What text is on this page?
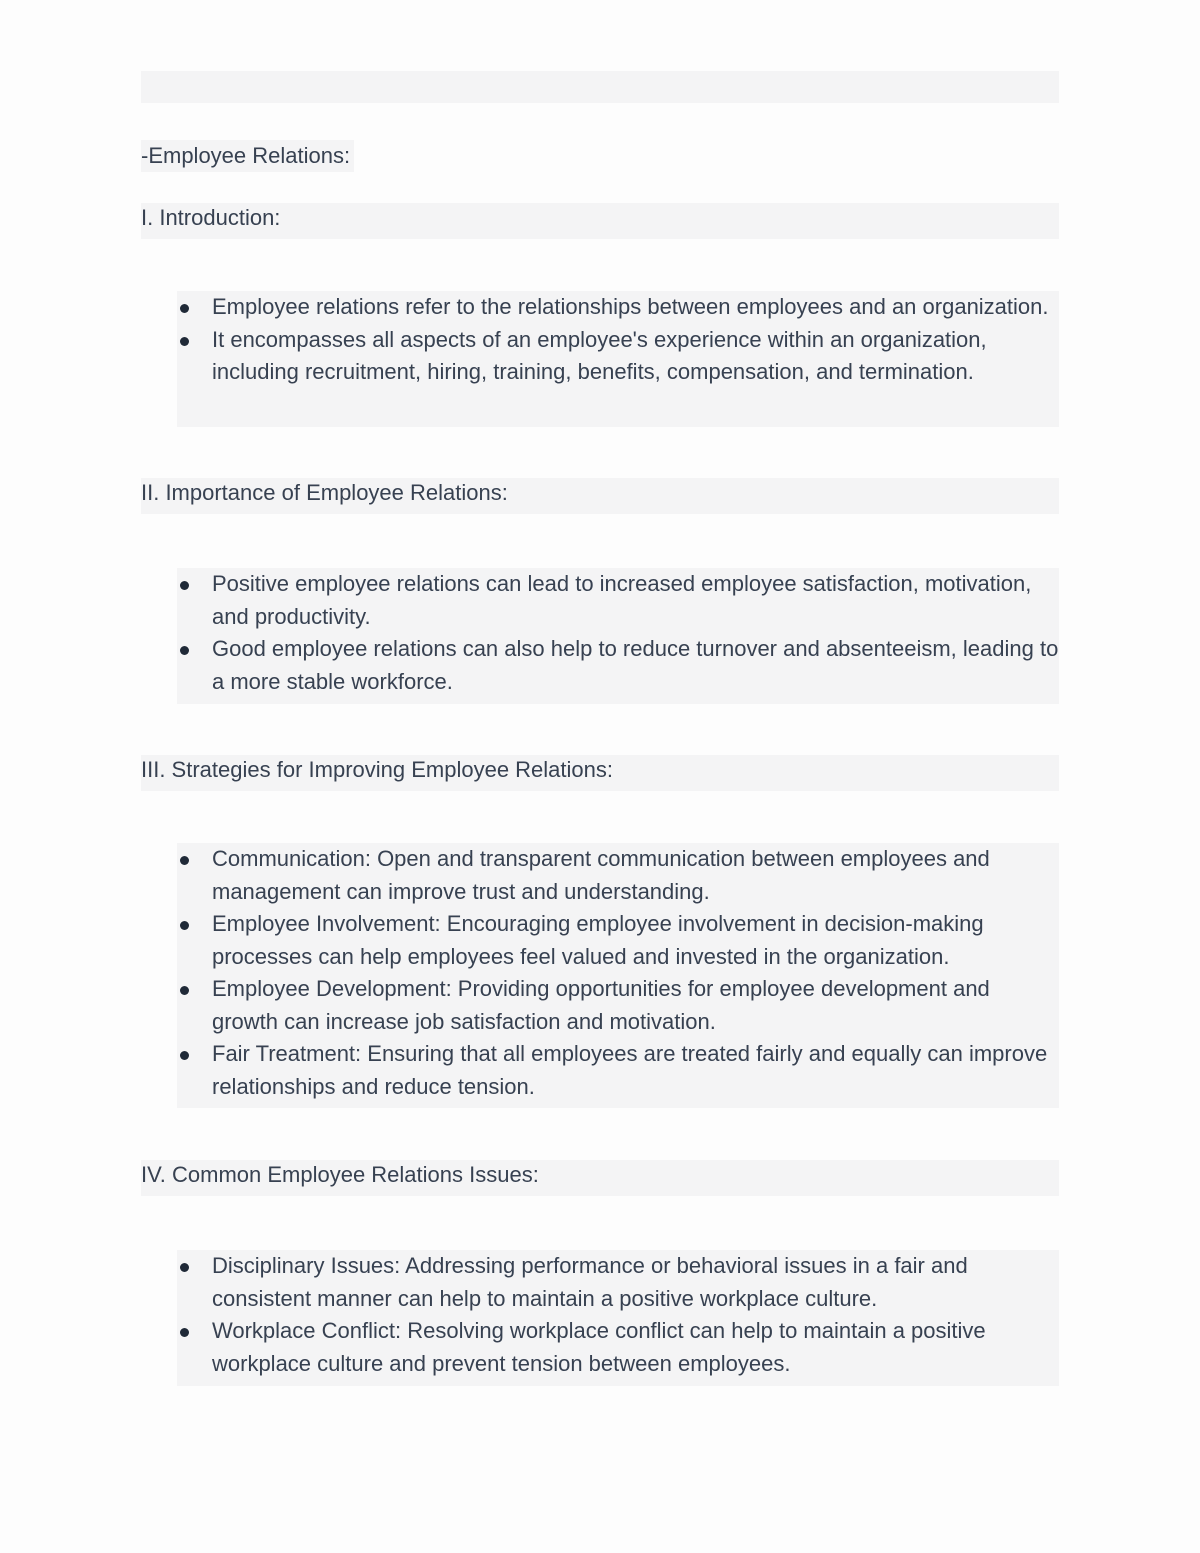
-Employee Relations:
I. Introduction:
Employee relations refer to the relationships between employees and an organization.
It encompasses all aspects of an employee's experience within an organization, including recruitment, hiring, training, benefits, compensation, and termination.
II. Importance of Employee Relations:
Positive employee relations can lead to increased employee satisfaction, motivation, and productivity.
Good employee relations can also help to reduce turnover and absenteeism, leading to a more stable workforce.
III. Strategies for Improving Employee Relations:
Communication: Open and transparent communication between employees and management can improve trust and understanding.
Employee Involvement: Encouraging employee involvement in decision-making processes can help employees feel valued and invested in the organization.
Employee Development: Providing opportunities for employee development and growth can increase job satisfaction and motivation.
Fair Treatment: Ensuring that all employees are treated fairly and equally can improve relationships and reduce tension.
IV. Common Employee Relations Issues:
Disciplinary Issues: Addressing performance or behavioral issues in a fair and consistent manner can help to maintain a positive workplace culture.
Workplace Conflict: Resolving workplace conflict can help to maintain a positive workplace culture and prevent tension between employees.
